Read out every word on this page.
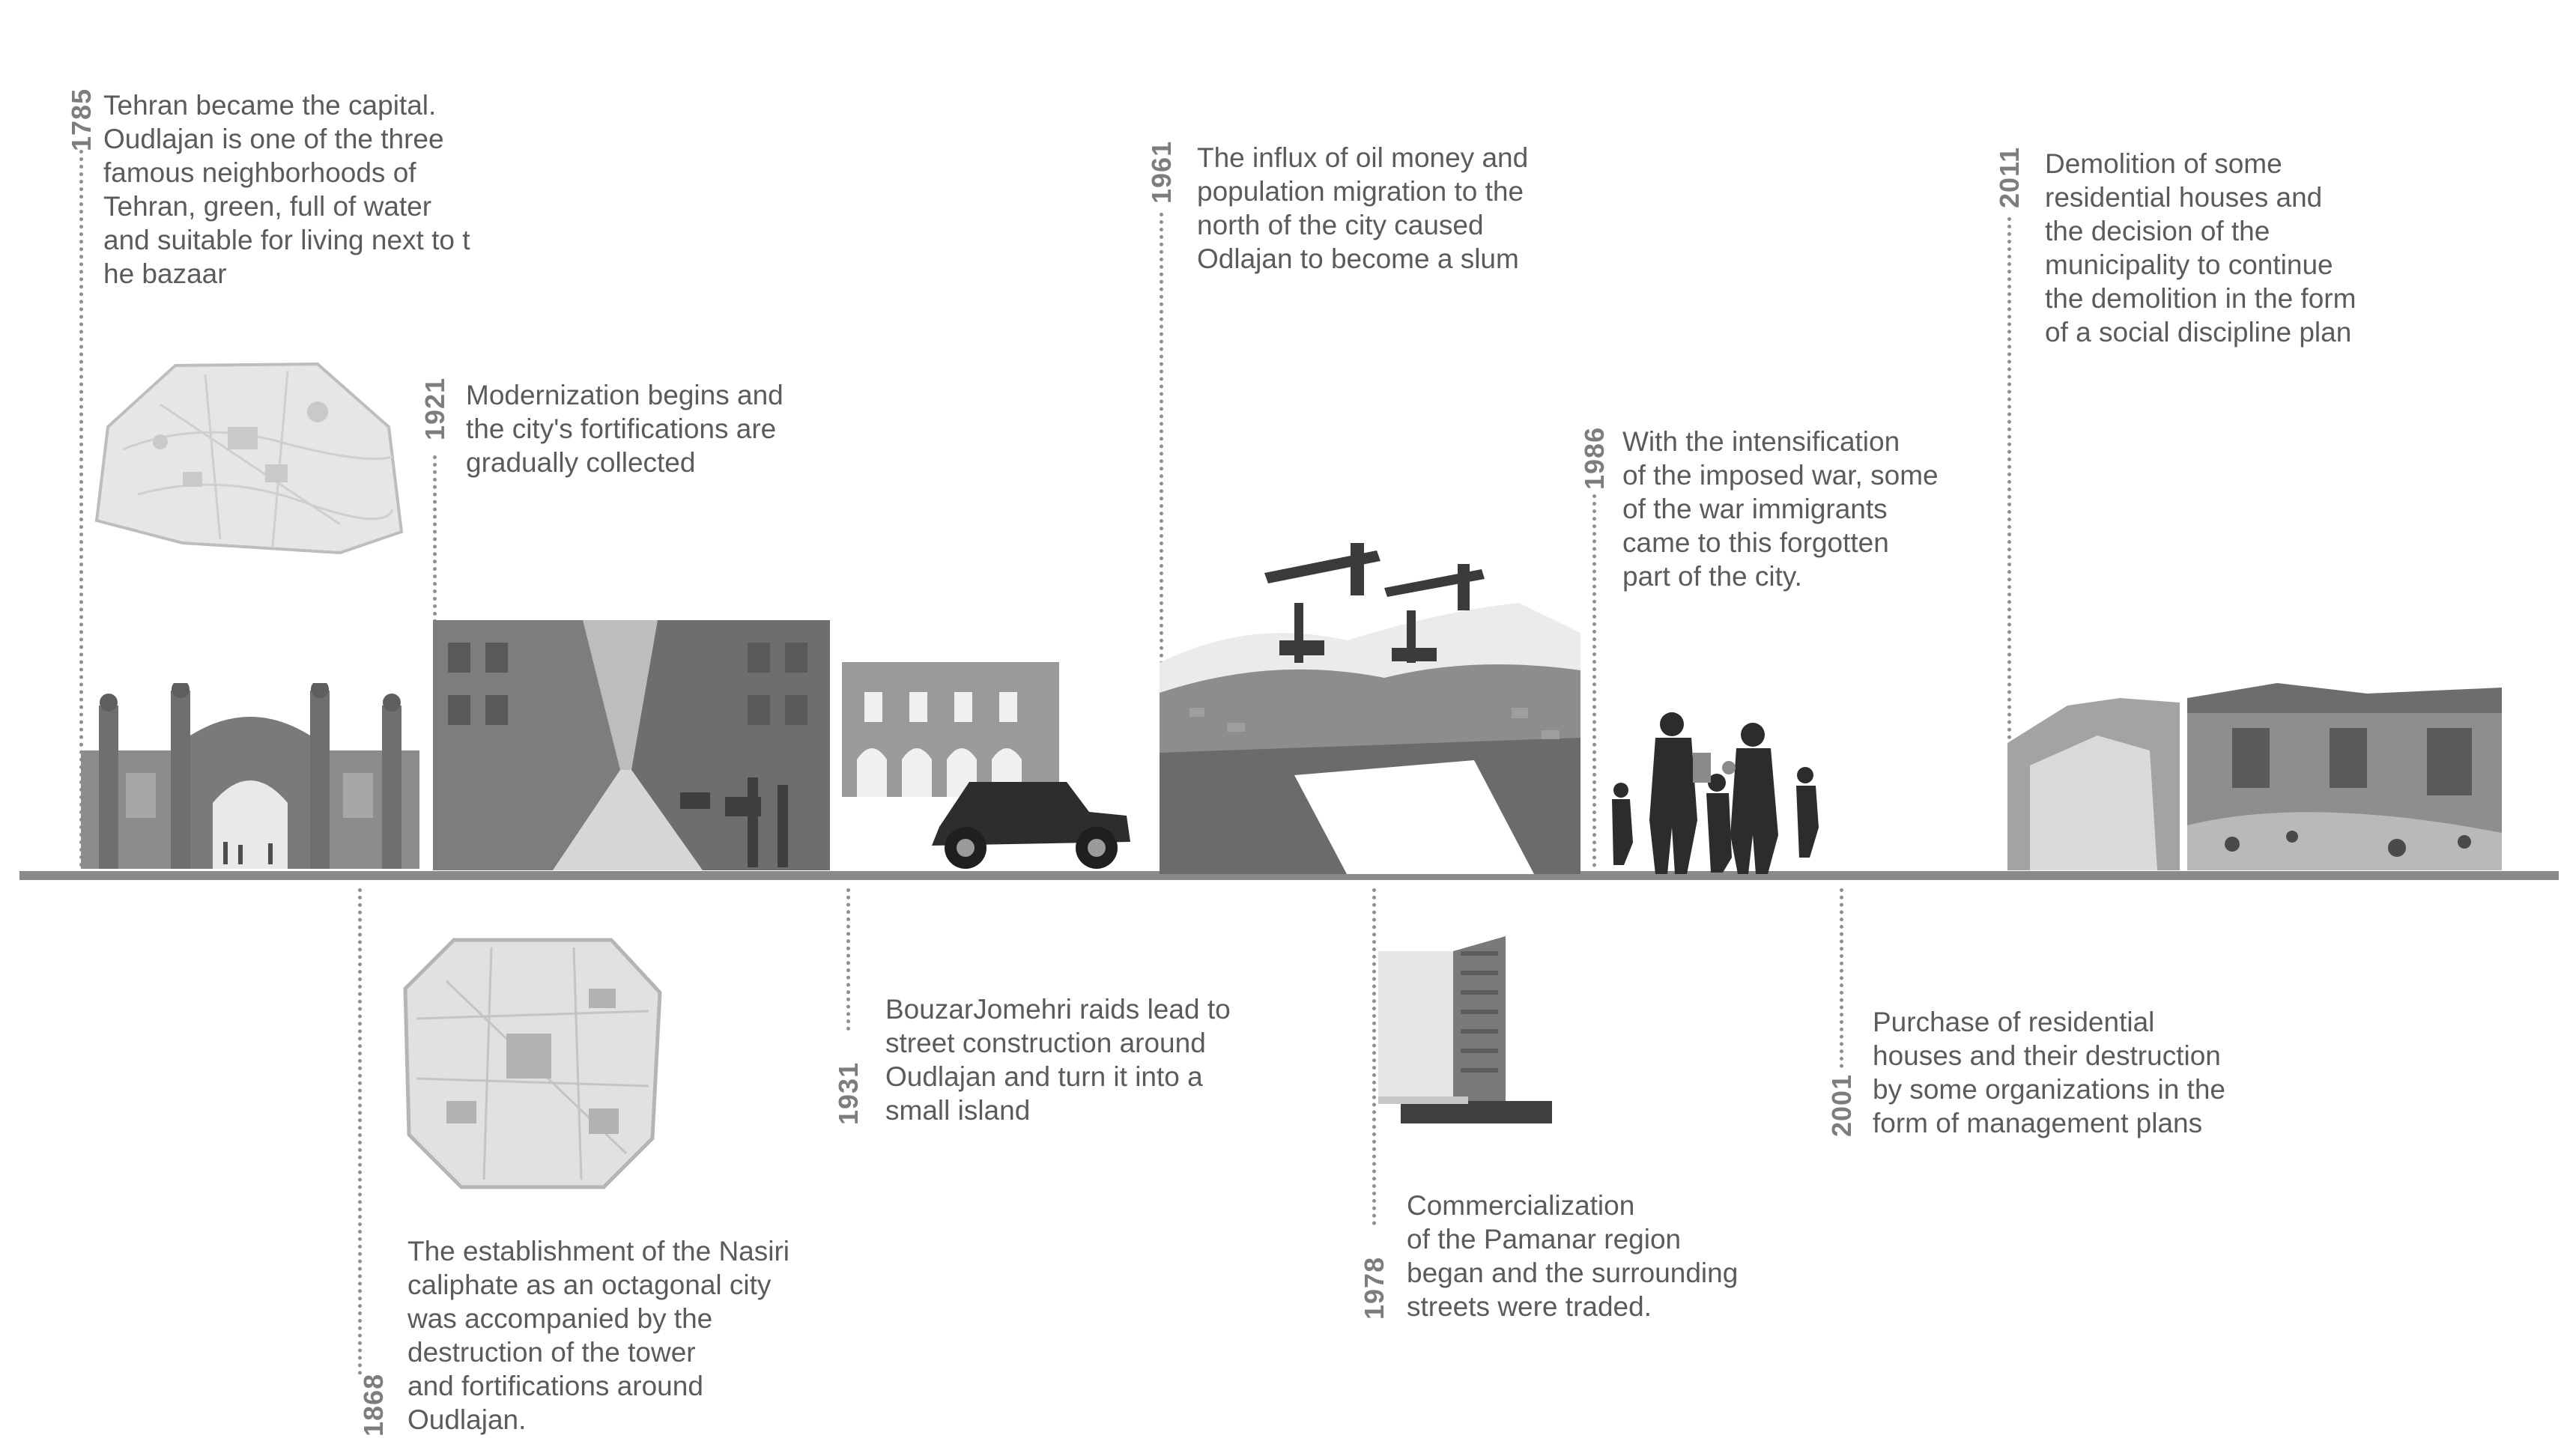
1785 Tehran became the capital.
Oudlajan is one of the three
famous neighborhoods of
Tehran, green, full of water
and suitable for living next to t
he bazaar
1868
The establishment of the Nasiri
caliphate as an octagonal city
was accompanied by the
destruction of the tower
and fortifications around
Oudlajan.
1921 Modernization begins and
the city's fortifications are
gradually collected
1931
BouzarJomehri raids lead to
street construction around
Oudlajan and turn it into a
small island
1961 The influx of oil money and
population migration to the
north of the city caused
Odlajan to become a slum
1978
Commercialization
of the Pamanar region
began and the surrounding
streets were traded.
1986 With the intensification
of the imposed war, some
of the war immigrants
came to this forgotten
part of the city.
2001
Purchase of residential
houses and their destruction
by some organizations in the
form of management plans
2011 Demolition of some
residential houses and
the decision of the
municipality to continue
the demolition in the form
of a social discipline plan
